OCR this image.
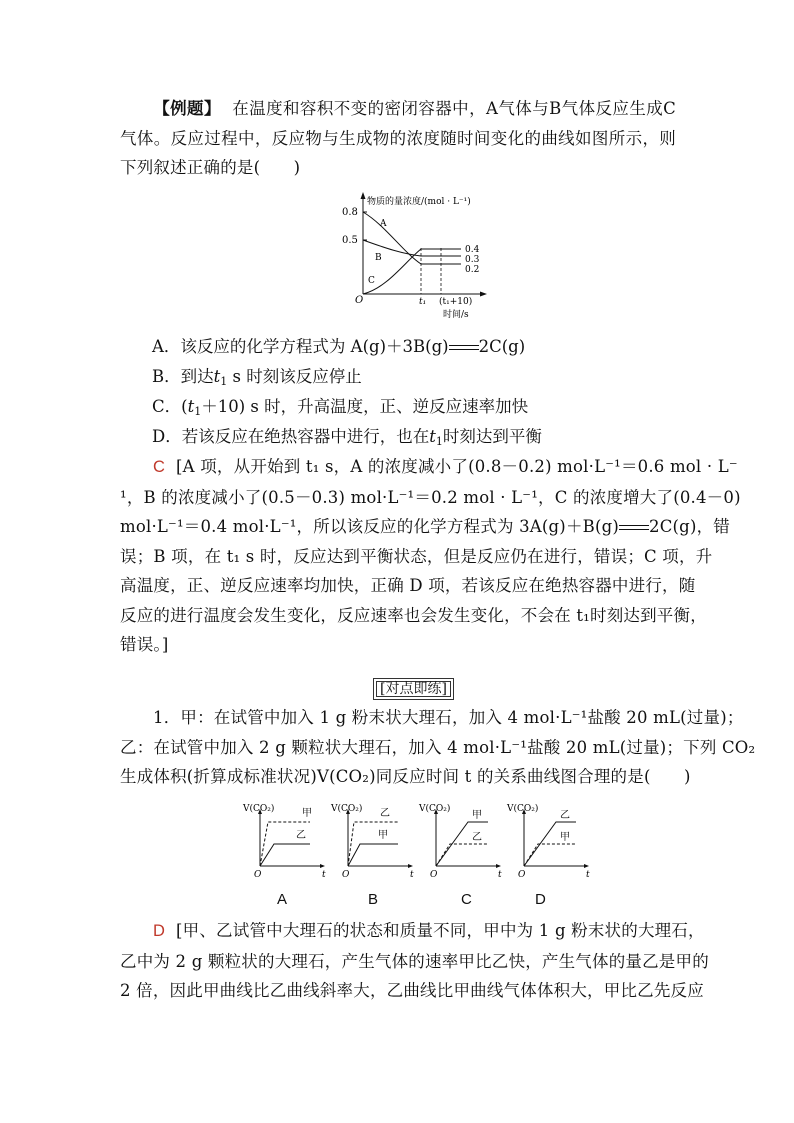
【例题】 在温度和容积不变的密闭容器中，A气体与B气体反应生成C气体。反应过程中，反应物与生成物的浓度随时间变化的曲线如图所示，则下列叙述正确的是(　　)
物质的量浓度/(mol · L⁻¹)
0.8
0.5
O
A
B
C
0.4
0.3
0.2
t₁ (t₁+10)
时间/s
A．该反应的化学方程式为 A(g)＋3B(g) 2C(g)
B．到达$t_1$ s 时刻该反应停止
C．$(t_1+10)$ s 时，升高温度，正、逆反应速率加快
D．若该反应在绝热容器中进行，也在$t_1$时刻达到平衡
C [A 项，从开始到 t₁ s，A 的浓度减小了(0.8－0.2) mol·L⁻¹＝0.6 mol · L⁻
¹，B 的浓度减小了(0.5－0.3) mol·L⁻¹＝0.2 mol · L⁻¹，C 的浓度增大了(0.4－0)
mol·L⁻¹＝0.4 mol·L⁻¹，所以该反应的化学方程式为 3A(g)＋B(g) 2C(g)，错
误；B 项，在 t₁ s 时，反应达到平衡状态，但是反应仍在进行，错误；C 项，升
高温度，正、逆反应速率均加快，正确 D 项，若该反应在绝热容器中进行，随
反应的进行温度会发生变化，反应速率也会发生变化，不会在 t₁时刻达到平衡，
错误。]
[对点即练]
1．甲：在试管中加入 1 g 粉末状大理石，加入 4 mol·L⁻¹盐酸 20 mL(过量)；
乙：在试管中加入 2 g 颗粒状大理石，加入 4 mol·L⁻¹盐酸 20 mL(过量)；下列 CO₂
生成体积(折算成标准状况)V(CO₂)同反应时间 t 的关系曲线图合理的是(　　)
V(CO₂)
O	t
甲
乙
V(CO₂)
O	t
乙
甲
V(CO₂)
O	t
甲
乙
V(CO₂)
O	t
乙
甲
A	B	C	D
D [甲、乙试管中大理石的状态和质量不同，甲中为 1 g 粉末状的大理石，
乙中为 2 g 颗粒状的大理石，产生气体的速率甲比乙快，产生气体的量乙是甲的
2 倍，因此甲曲线比乙曲线斜率大，乙曲线比甲曲线气体体积大，甲比乙先反应
